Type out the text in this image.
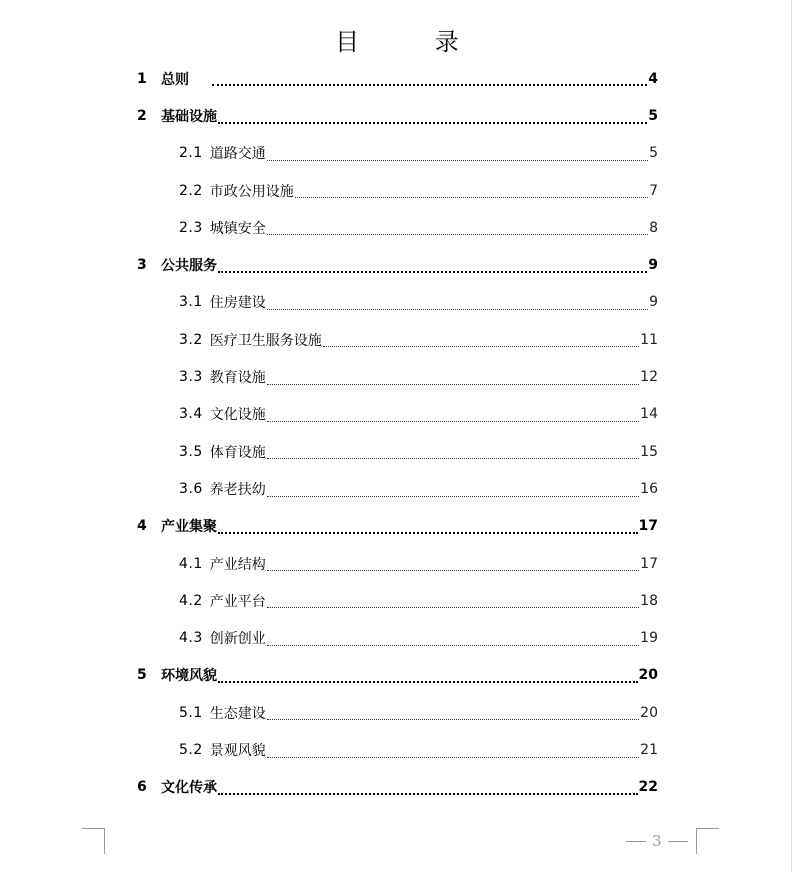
目 录
1	总则	4
2	基础设施	5
2.1 道路交通	5
2.2 市政公用设施	7
2.3 城镇安全	8
3	公共服务	9
3.1 住房建设	9
3.2 医疗卫生服务设施	11
3.3 教育设施	12
3.4 文化设施	14
3.5 体育设施	15
3.6 养老扶幼	16
4	产业集聚	17
4.1 产业结构	17
4.2 产业平台	18
4.3 创新创业	19
5	环境风貌	20
5.1 生态建设	20
5.2 景观风貌	21
6	文化传承	22
3
